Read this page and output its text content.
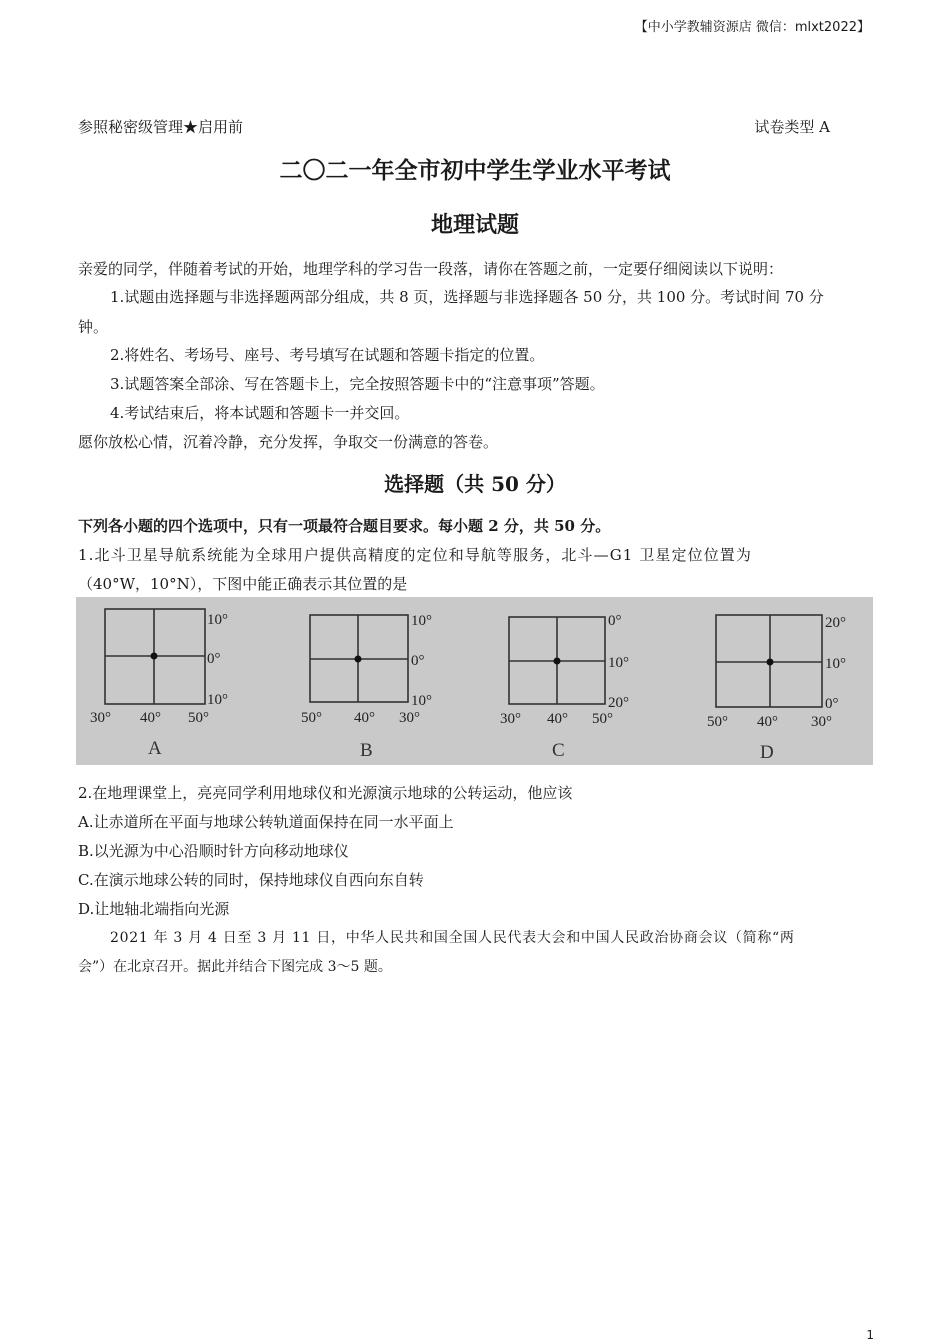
【中小学教辅资源店 微信：mlxt2022】
参照秘密级管理★启用前	试卷类型 A
二〇二一年全市初中学生学业水平考试
地理试题
亲爱的同学，伴随着考试的开始，地理学科的学习告一段落，请你在答题之前，一定要仔细阅读以下说明：
1.试题由选择题与非选择题两部分组成，共 8 页，选择题与非选择题各 50 分，共 100 分。考试时间 70 分
钟。
2.将姓名、考场号、座号、考号填写在试题和答题卡指定的位置。
3.试题答案全部涂、写在答题卡上，完全按照答题卡中的“注意事项”答题。
4.考试结束后，将本试题和答题卡一并交回。
愿你放松心情，沉着冷静，充分发挥，争取交一份满意的答卷。
选择题（共 50 分）
下列各小题的四个选项中，只有一项最符合题目要求。每小题 2 分，共 50 分。
1.北斗卫星导航系统能为全球用户提供高精度的定位和导航等服务，北斗—G1 卫星定位位置为
（40°W，10°N），下图中能正确表示其位置的是
10°
0°
10°
30° 40° 50°
A
10°
0°
10°
50° 40° 30°
B
0°
10°
20°
30° 40° 50°
C
20°
10°
0°
50° 40° 30°
D
2.在地理课堂上，亮亮同学利用地球仪和光源演示地球的公转运动，他应该
A.让赤道所在平面与地球公转轨道面保持在同一水平面上
B.以光源为中心沿顺时针方向移动地球仪
C.在演示地球公转的同时，保持地球仪自西向东自转
D.让地轴北端指向光源
2021 年 3 月 4 日至 3 月 11 日，中华人民共和国全国人民代表大会和中国人民政治协商会议（简称“两
会”）在北京召开。据此并结合下图完成 3～5 题。
1
